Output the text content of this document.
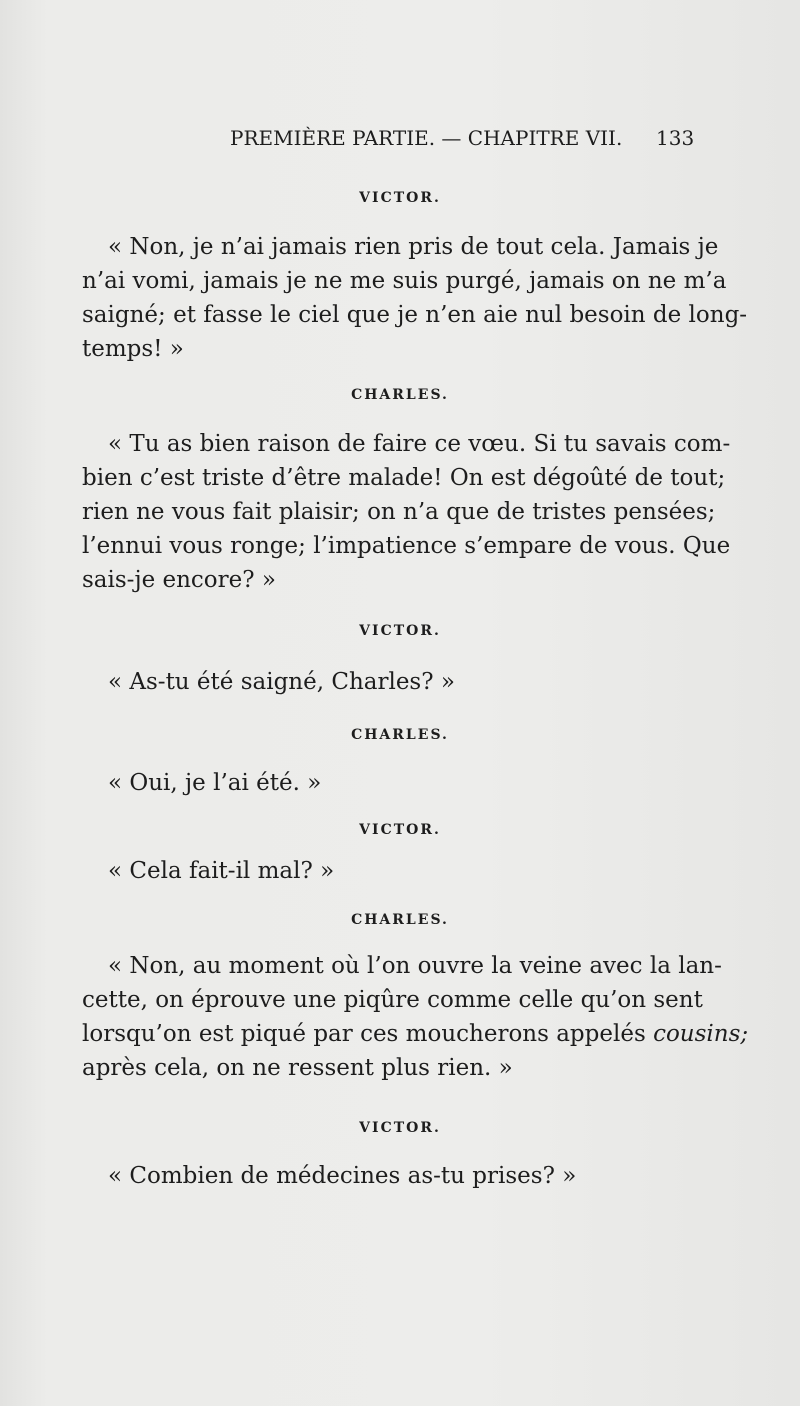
PREMIÈRE PARTIE. — CHAPITRE VII. 133
VICTOR.
« Non, je n’ai jamais rien pris de tout cela. Jamais je
n’ai vomi, jamais je ne me suis purgé, jamais on ne m’a
saigné; et fasse le ciel que je n’en aie nul besoin de long-
temps! »
CHARLES.
« Tu as bien raison de faire ce vœu. Si tu savais com-
bien c’est triste d’être malade! On est dégoûté de tout;
rien ne vous fait plaisir; on n’a que de tristes pensées;
l’ennui vous ronge; l’impatience s’empare de vous. Que
sais-je encore? »
VICTOR.
« As-tu été saigné, Charles? »
CHARLES.
« Oui, je l’ai été. »
VICTOR.
« Cela fait-il mal? »
CHARLES.
« Non, au moment où l’on ouvre la veine avec la lan-
cette, on éprouve une piqûre comme celle qu’on sent
lorsqu’on est piqué par ces moucherons appelés cousins;
après cela, on ne ressent plus rien. »
VICTOR.
« Combien de médecines as-tu prises? »
